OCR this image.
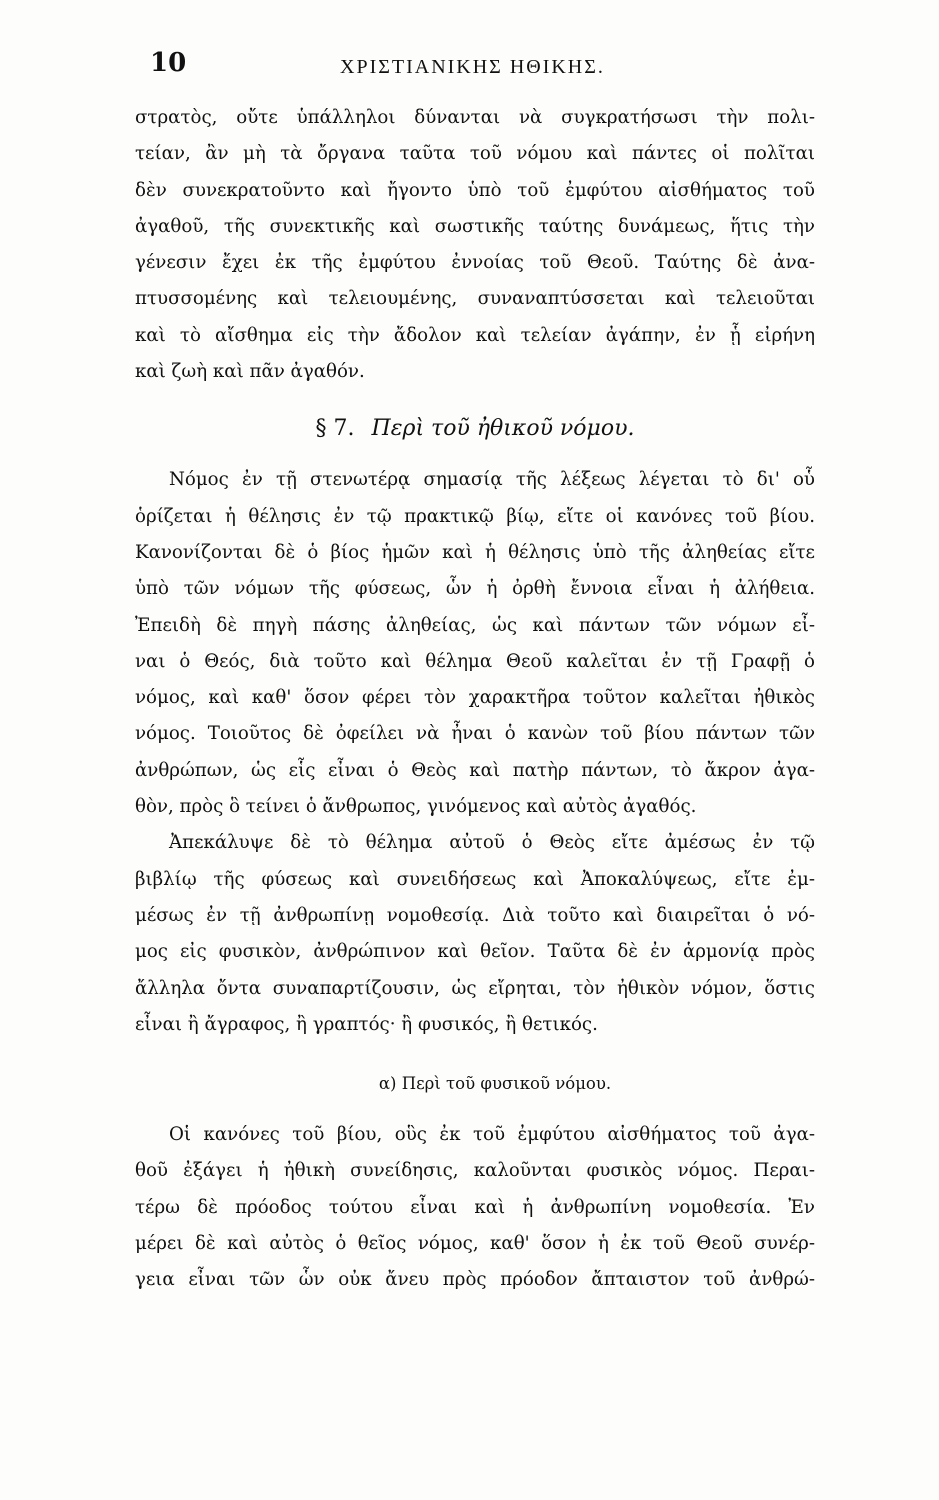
10	ΧΡΙΣΤΙΑΝΙΚΗΣ ΗΘΙΚΗΣ.
στρατὸς, οὔτε ὑπάλληλοι δύνανται νὰ συγκρατήσωσι τὴν πολι-
τείαν, ἂν μὴ τὰ ὄργανα ταῦτα τοῦ νόμου καὶ πάντες οἱ πολῖται
δὲν συνεκρατοῦντο καὶ ἤγοντο ὑπὸ τοῦ ἐμφύτου αἰσθήματος τοῦ
ἀγαθοῦ, τῆς συνεκτικῆς καὶ σωστικῆς ταύτης δυνάμεως, ἥτις τὴν
γένεσιν ἔχει ἐκ τῆς ἐμφύτου ἐννοίας τοῦ Θεοῦ. Ταύτης δὲ ἀνα-
πτυσσομένης καὶ τελειουμένης, συναναπτύσσεται καὶ τελειοῦται
καὶ τὸ αἴσθημα εἰς τὴν ἄδολον καὶ τελείαν ἀγάπην, ἐν ᾗ εἰρήνη
καὶ ζωὴ καὶ πᾶν ἀγαθόν.
§ 7. Περὶ τοῦ ἠθικοῦ νόμου.
Νόμος ἐν τῇ στενωτέρᾳ σημασίᾳ τῆς λέξεως λέγεται τὸ δι' οὗ
ὁρίζεται ἡ θέλησις ἐν τῷ πρακτικῷ βίῳ, εἴτε οἱ κανόνες τοῦ βίου.
Κανονίζονται δὲ ὁ βίος ἡμῶν καὶ ἡ θέλησις ὑπὸ τῆς ἀληθείας εἴτε
ὑπὸ τῶν νόμων τῆς φύσεως, ὧν ἡ ὀρθὴ ἔννοια εἶναι ἡ ἀλήθεια.
Ἐπειδὴ δὲ πηγὴ πάσης ἀληθείας, ὡς καὶ πάντων τῶν νόμων εἶ-
ναι ὁ Θεός, διὰ τοῦτο καὶ θέλημα Θεοῦ καλεῖται ἐν τῇ Γραφῇ ὁ
νόμος, καὶ καθ' ὅσον φέρει τὸν χαρακτῆρα τοῦτον καλεῖται ἠθικὸς
νόμος. Τοιοῦτος δὲ ὀφείλει νὰ ἦναι ὁ κανὼν τοῦ βίου πάντων τῶν
ἀνθρώπων, ὡς εἷς εἶναι ὁ Θεὸς καὶ πατὴρ πάντων, τὸ ἄκρον ἀγα-
θὸν, πρὸς ὃ τείνει ὁ ἄνθρωπος, γινόμενος καὶ αὐτὸς ἀγαθός.
Ἀπεκάλυψε δὲ τὸ θέλημα αὐτοῦ ὁ Θεὸς εἴτε ἀμέσως ἐν τῷ
βιβλίῳ τῆς φύσεως καὶ συνειδήσεως καὶ Ἀποκαλύψεως, εἴτε ἐμ-
μέσως ἐν τῇ ἀνθρωπίνῃ νομοθεσίᾳ. Διὰ τοῦτο καὶ διαιρεῖται ὁ νό-
μος εἰς φυσικὸν, ἀνθρώπινον καὶ θεῖον. Ταῦτα δὲ ἐν ἁρμονίᾳ πρὸς
ἄλληλα ὄντα συναπαρτίζουσιν, ὡς εἴρηται, τὸν ἠθικὸν νόμον, ὅστις
εἶναι ἢ ἄγραφος, ἢ γραπτός· ἢ φυσικός, ἢ θετικός.
α) Περὶ τοῦ φυσικοῦ νόμου.
Οἱ κανόνες τοῦ βίου, οὓς ἐκ τοῦ ἐμφύτου αἰσθήματος τοῦ ἀγα-
θοῦ ἐξάγει ἡ ἠθικὴ συνείδησις, καλοῦνται φυσικὸς νόμος. Περαι-
τέρω δὲ πρόοδος τούτου εἶναι καὶ ἡ ἀνθρωπίνη νομοθεσία. Ἐν
μέρει δὲ καὶ αὐτὸς ὁ θεῖος νόμος, καθ' ὅσον ἡ ἐκ τοῦ Θεοῦ συνέρ-
γεια εἶναι τῶν ὧν οὐκ ἄνευ πρὸς πρόοδον ἄπταιστον τοῦ ἀνθρώ-
